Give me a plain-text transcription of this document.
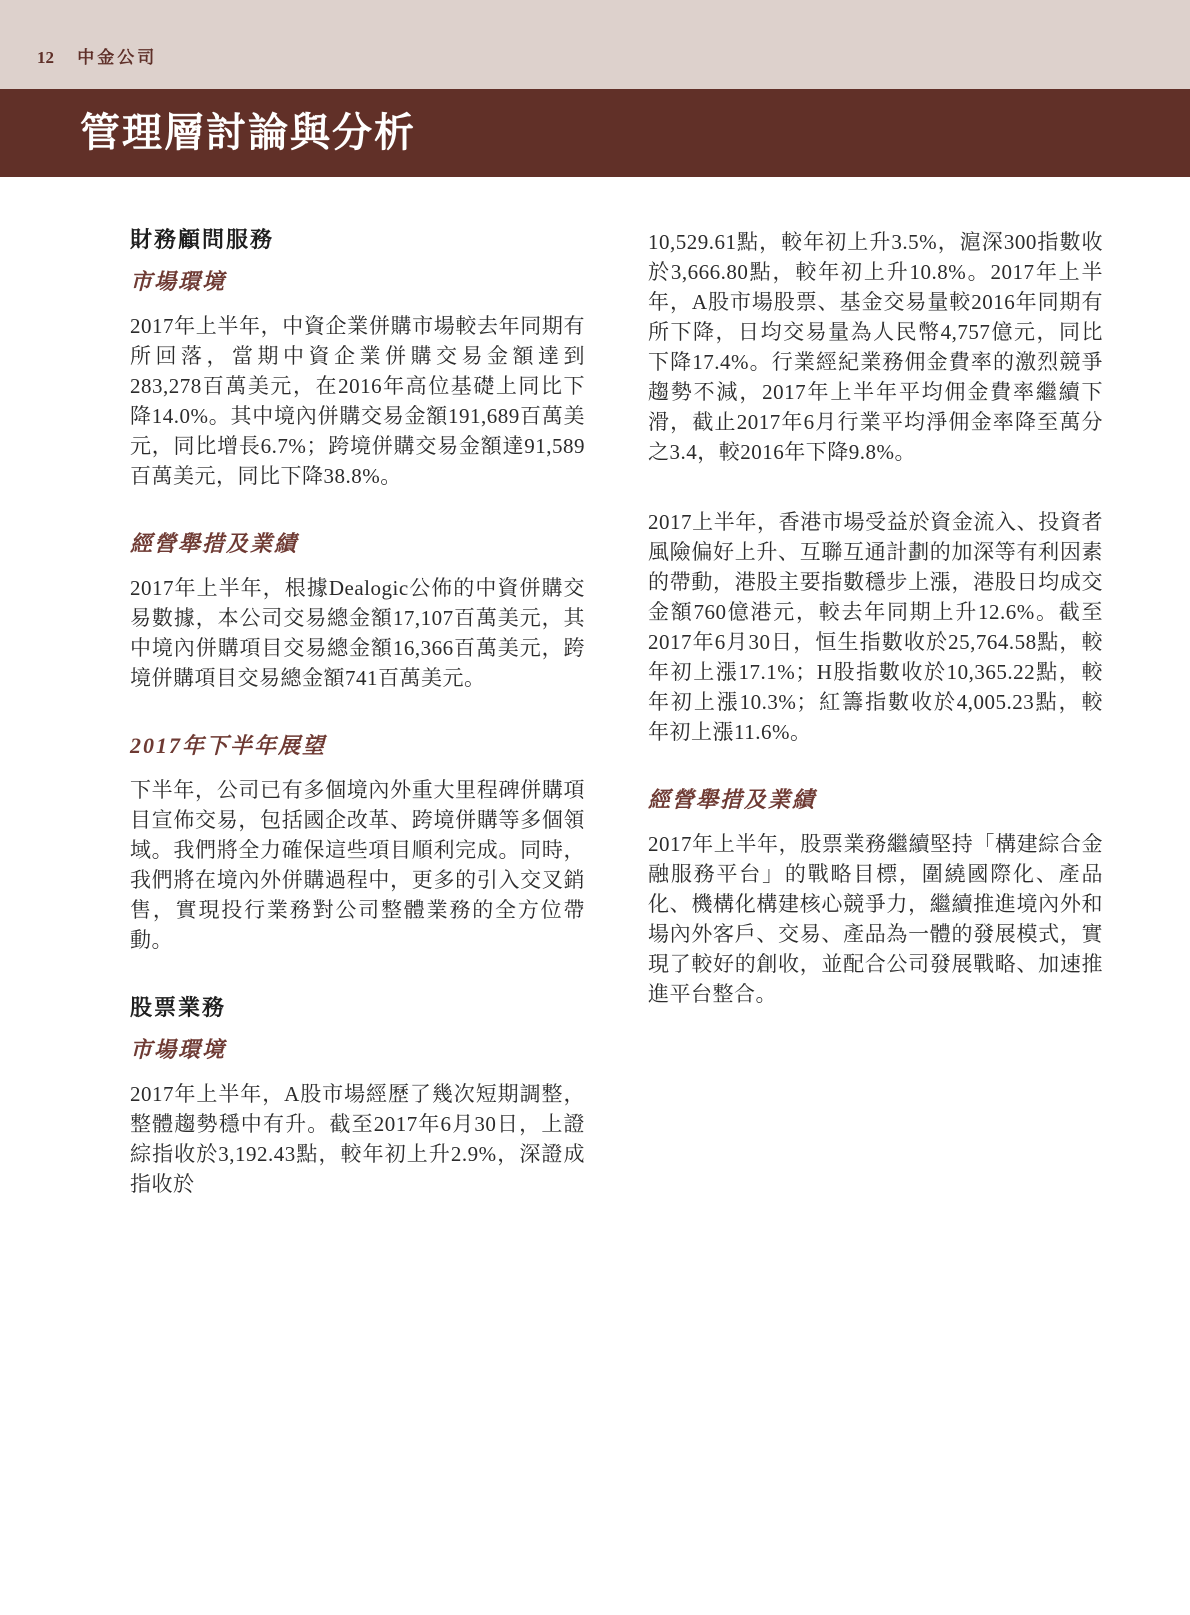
12 中金公司
管理層討論與分析
財務顧問服務
市場環境

2017年上半年，中資企業併購市場較去年同期有所回落，當期中資企業併購交易金額達到283,278百萬美元，在2016年高位基礎上同比下降14.0%。其中境內併購交易金額191,689百萬美元，同比增長6.7%；跨境併購交易金額達91,589百萬美元，同比下降38.8%。

經營舉措及業績

2017年上半年，根據Dealogic公佈的中資併購交易數據，本公司交易總金額17,107百萬美元，其中境內併購項目交易總金額16,366百萬美元，跨境併購項目交易總金額741百萬美元。

2017年下半年展望

下半年，公司已有多個境內外重大里程碑併購項目宣佈交易，包括國企改革、跨境併購等多個領域。我們將全力確保這些項目順利完成。同時，我們將在境內外併購過程中，更多的引入交叉銷售，實現投行業務對公司整體業務的全方位帶動。

股票業務
市場環境

2017年上半年，A股市場經歷了幾次短期調整，整體趨勢穩中有升。截至2017年6月30日，上證綜指收於3,192.43點，較年初上升2.9%，深證成指收於

10,529.61點，較年初上升3.5%，滬深300指數收於3,666.80點，較年初上升10.8%。2017年上半年，A股市場股票、基金交易量較2016年同期有所下降，日均交易量為人民幣4,757億元，同比下降17.4%。行業經紀業務佣金費率的激烈競爭趨勢不減，2017年上半年平均佣金費率繼續下滑，截止2017年6月行業平均淨佣金率降至萬分之3.4，較2016年下降9.8%。

2017上半年，香港市場受益於資金流入、投資者風險偏好上升、互聯互通計劃的加深等有利因素的帶動，港股主要指數穩步上漲，港股日均成交金額760億港元，較去年同期上升12.6%。截至2017年6月30日，恒生指數收於25,764.58點，較年初上漲17.1%；H股指數收於10,365.22點，較年初上漲10.3%；紅籌指數收於4,005.23點，較年初上漲11.6%。

經營舉措及業績

2017年上半年，股票業務繼續堅持「構建綜合金融服務平台」的戰略目標，圍繞國際化、產品化、機構化構建核心競爭力，繼續推進境內外和場內外客戶、交易、產品為一體的發展模式，實現了較好的創收，並配合公司發展戰略、加速推進平台整合。
